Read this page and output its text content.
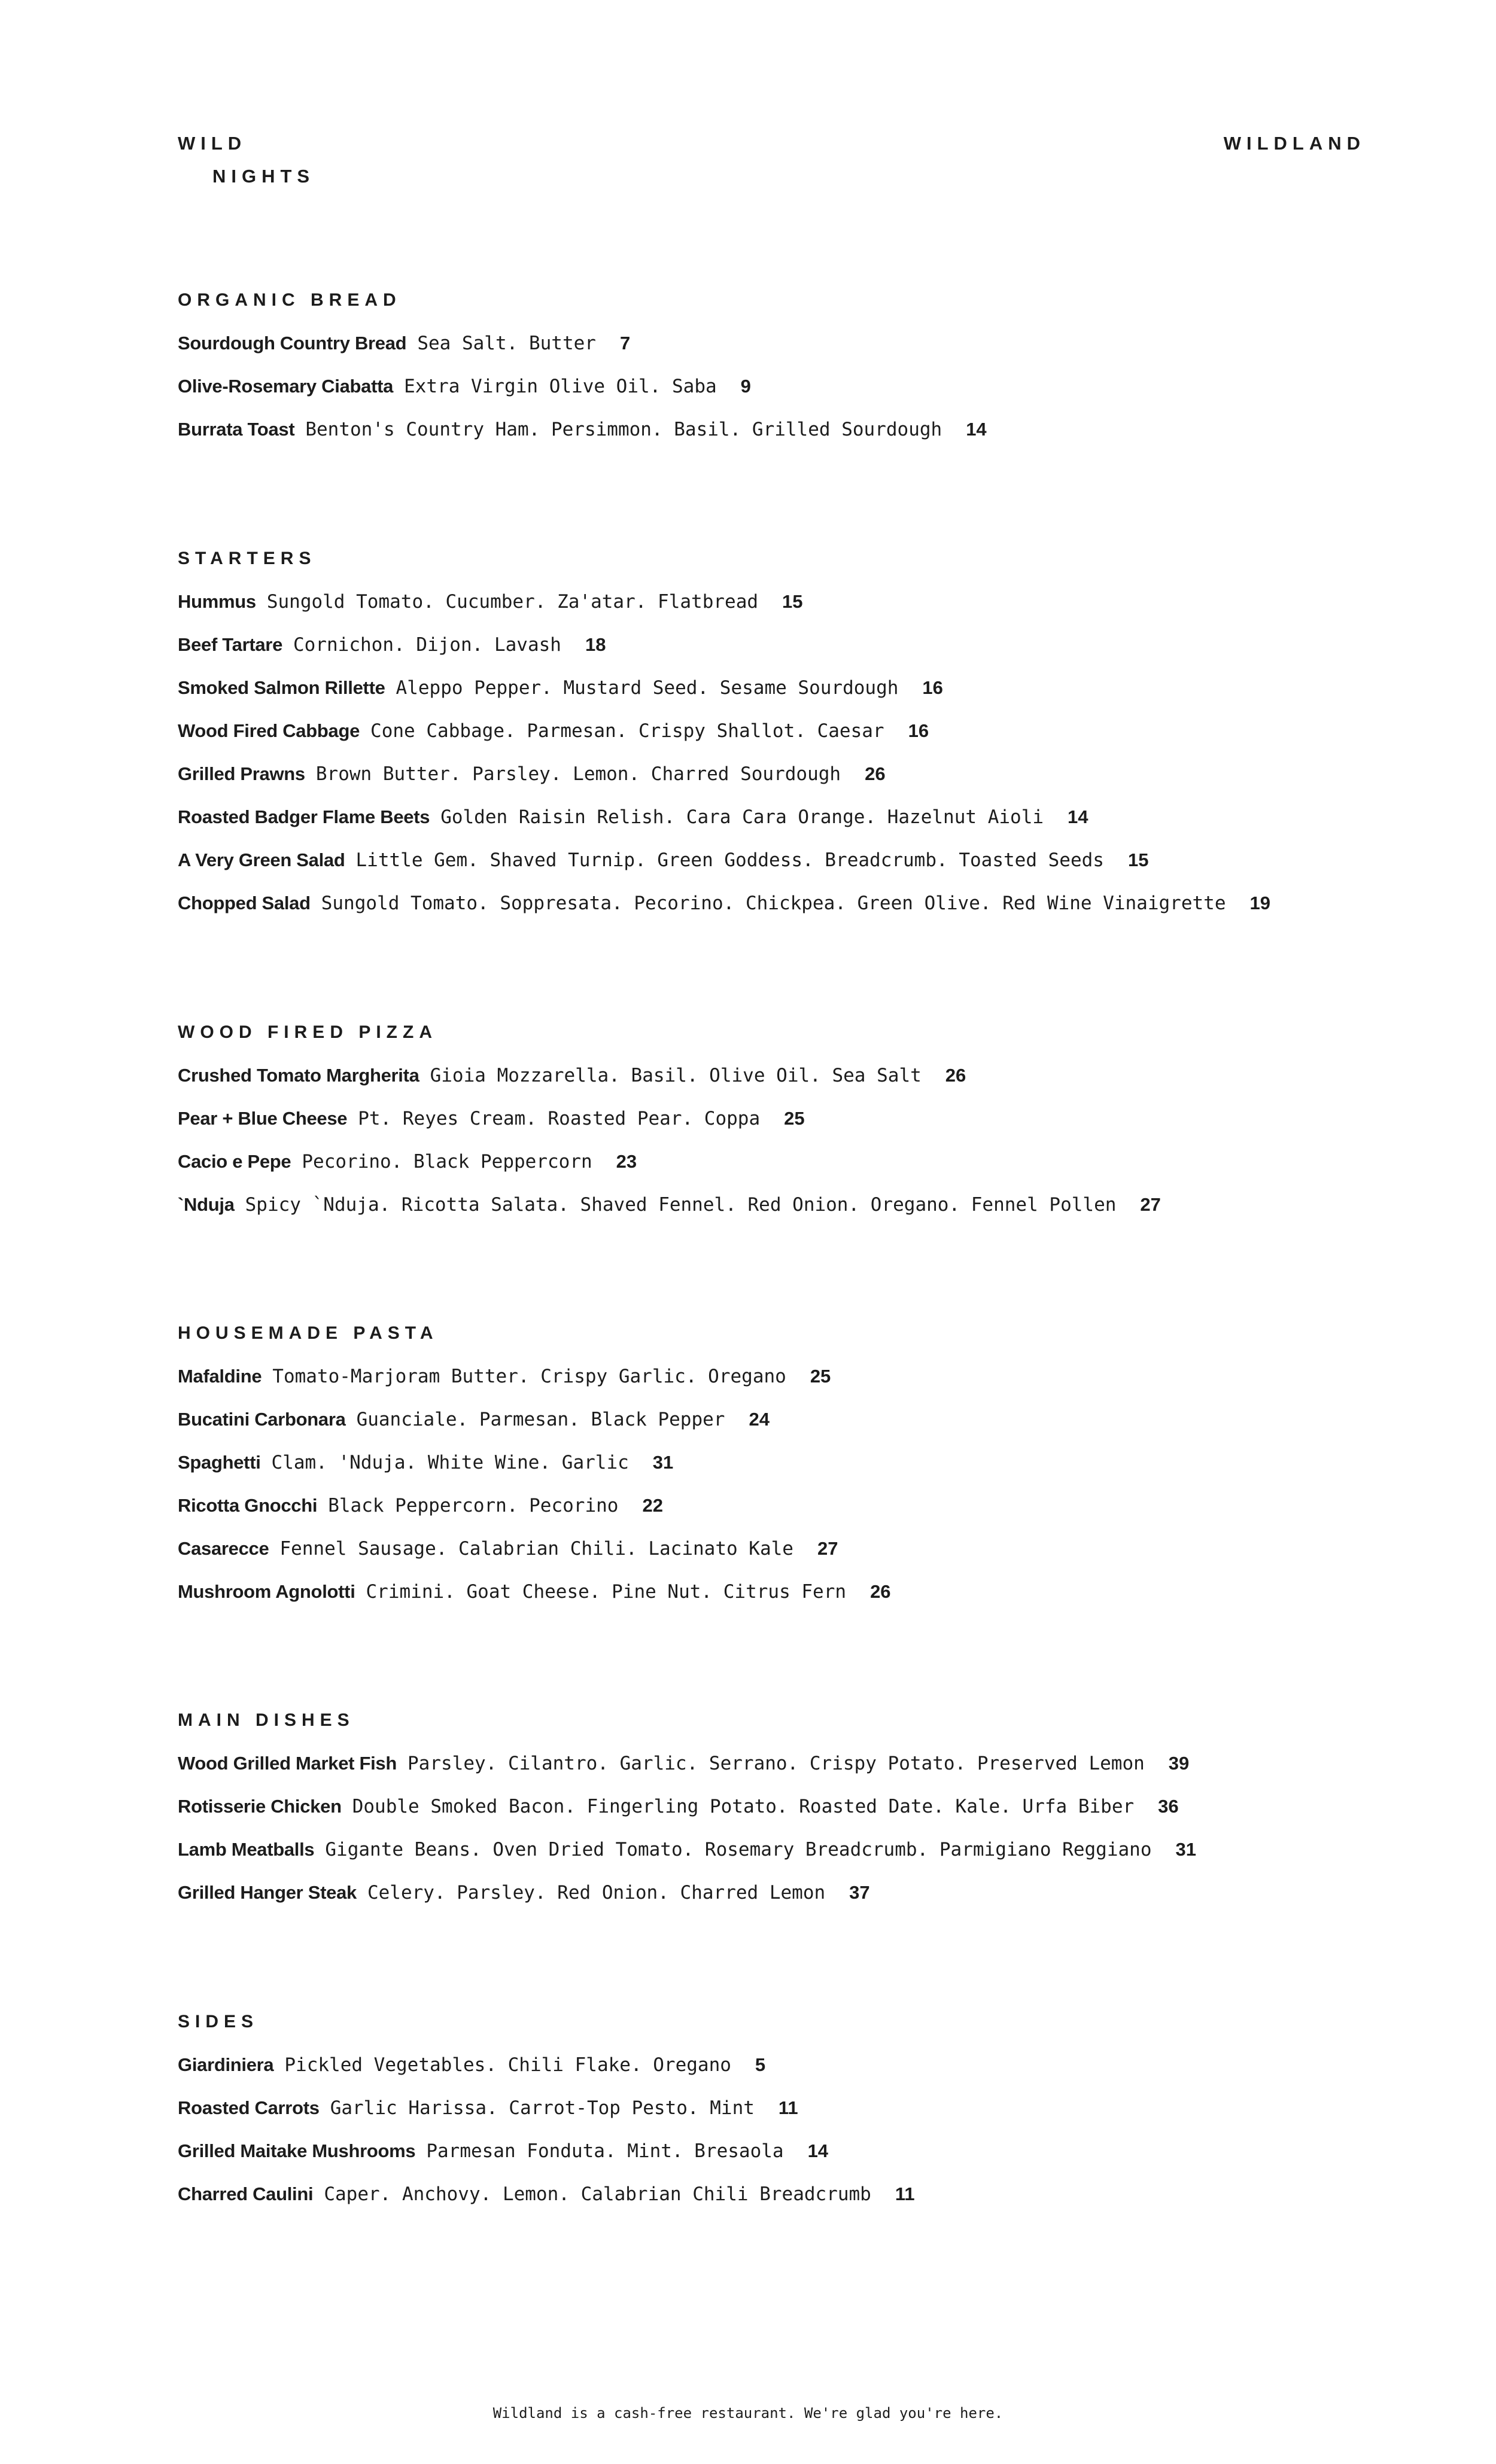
WILD
NIGHTS
WILDLAND
ORGANIC BREAD
Sourdough Country Bread Sea Salt. Butter 7
Olive-Rosemary Ciabatta Extra Virgin Olive Oil. Saba 9
Burrata Toast Benton's Country Ham. Persimmon. Basil. Grilled Sourdough 14
STARTERS
Hummus Sungold Tomato. Cucumber. Za'atar. Flatbread 15
Beef Tartare Cornichon. Dijon. Lavash 18
Smoked Salmon Rillette Aleppo Pepper. Mustard Seed. Sesame Sourdough 16
Wood Fired Cabbage Cone Cabbage. Parmesan. Crispy Shallot. Caesar 16
Grilled Prawns Brown Butter. Parsley. Lemon. Charred Sourdough 26
Roasted Badger Flame Beets Golden Raisin Relish. Cara Cara Orange. Hazelnut Aioli 14
A Very Green Salad Little Gem. Shaved Turnip. Green Goddess. Breadcrumb. Toasted Seeds 15
Chopped Salad Sungold Tomato. Soppresata. Pecorino. Chickpea. Green Olive. Red Wine Vinaigrette 19
WOOD FIRED PIZZA
Crushed Tomato Margherita Gioia Mozzarella. Basil. Olive Oil. Sea Salt 26
Pear + Blue Cheese Pt. Reyes Cream. Roasted Pear. Coppa 25
Cacio e Pepe Pecorino. Black Peppercorn 23
`Nduja Spicy `Nduja. Ricotta Salata. Shaved Fennel. Red Onion. Oregano. Fennel Pollen 27
HOUSEMADE PASTA
Mafaldine Tomato-Marjoram Butter. Crispy Garlic. Oregano 25
Bucatini Carbonara Guanciale. Parmesan. Black Pepper 24
Spaghetti Clam. 'Nduja. White Wine. Garlic 31
Ricotta Gnocchi Black Peppercorn. Pecorino 22
Casarecce Fennel Sausage. Calabrian Chili. Lacinato Kale 27
Mushroom Agnolotti Crimini. Goat Cheese. Pine Nut. Citrus Fern 26
MAIN DISHES
Wood Grilled Market Fish Parsley. Cilantro. Garlic. Serrano. Crispy Potato. Preserved Lemon 39
Rotisserie Chicken Double Smoked Bacon. Fingerling Potato. Roasted Date. Kale. Urfa Biber 36
Lamb Meatballs Gigante Beans. Oven Dried Tomato. Rosemary Breadcrumb. Parmigiano Reggiano 31
Grilled Hanger Steak Celery. Parsley. Red Onion. Charred Lemon 37
SIDES
Giardiniera Pickled Vegetables. Chili Flake. Oregano 5
Roasted Carrots Garlic Harissa. Carrot-Top Pesto. Mint 11
Grilled Maitake Mushrooms Parmesan Fonduta. Mint. Bresaola 14
Charred Caulini Caper. Anchovy. Lemon. Calabrian Chili Breadcrumb 11
Wildland is a cash-free restaurant. We're glad you're here.
